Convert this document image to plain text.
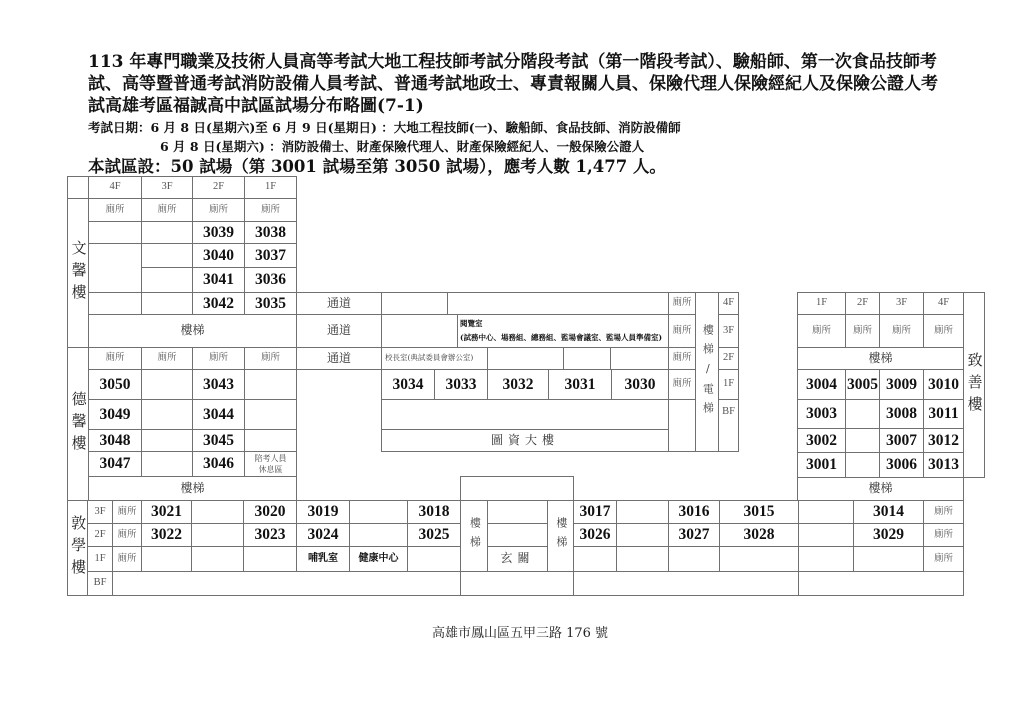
113 年專門職業及技術人員高等考試大地工程技師考試分階段考試（第一階段考試）、驗船師、第一次食品技師考
試、高等暨普通考試消防設備人員考試、普通考試地政士、專責報關人員、保險代理人保險經紀人及保險公證人考
試高雄考區福誠高中試區試場分布略圖(7-1)
考試日期：6 月 8 日(星期六)至 6 月 9 日(星期日) ：大地工程技師(一)、驗船師、食品技師、消防設備師
6 月 8 日(星期六) ：消防設備士、財產保險代理人、財產保險經紀人、一般保險公證人
本試區設：50 試場（第 3001 試場至第 3050 試場），應考人數 1,477 人。
4F	3F	2F	1F
文馨樓
廁所	廁所	廁所	廁所
3039	3038
3040	3037
3041	3036
3042	3035
樓梯
通道
通道
通道
閱覽室
(試務中心、場務組、總務組、監場會議室、監場人員準備室)
校長室(典試委員會辦公室)
3034	3033	3032	3031	3030
圖資大樓
廁所
廁所
廁所
廁所 樓梯/電梯
4F
3F
2F
1F
BF
德馨樓
廁所	廁所	廁所	廁所
3050	3043
3049	3044
3048	3045
3047	3046	陪考人員休息區
樓梯
1F	2F	3F	4F
廁所	廁所	廁所	廁所
樓梯
3004 3005 3009 3010
3003	3008 3011
3002	3007 3012
3001	3006 3013
樓梯
致善樓
敦學樓
3F
2F
1F
BF
廁所
廁所
廁所
3021	3020	3019	3018
3022	3023	3024	3025
哺乳室	健康中心
樓梯
玄關
樓梯
3017	3016	3015	3014
3026	3027	3028	3029
廁所
廁所
廁所
高雄市鳳山區五甲三路 176 號
